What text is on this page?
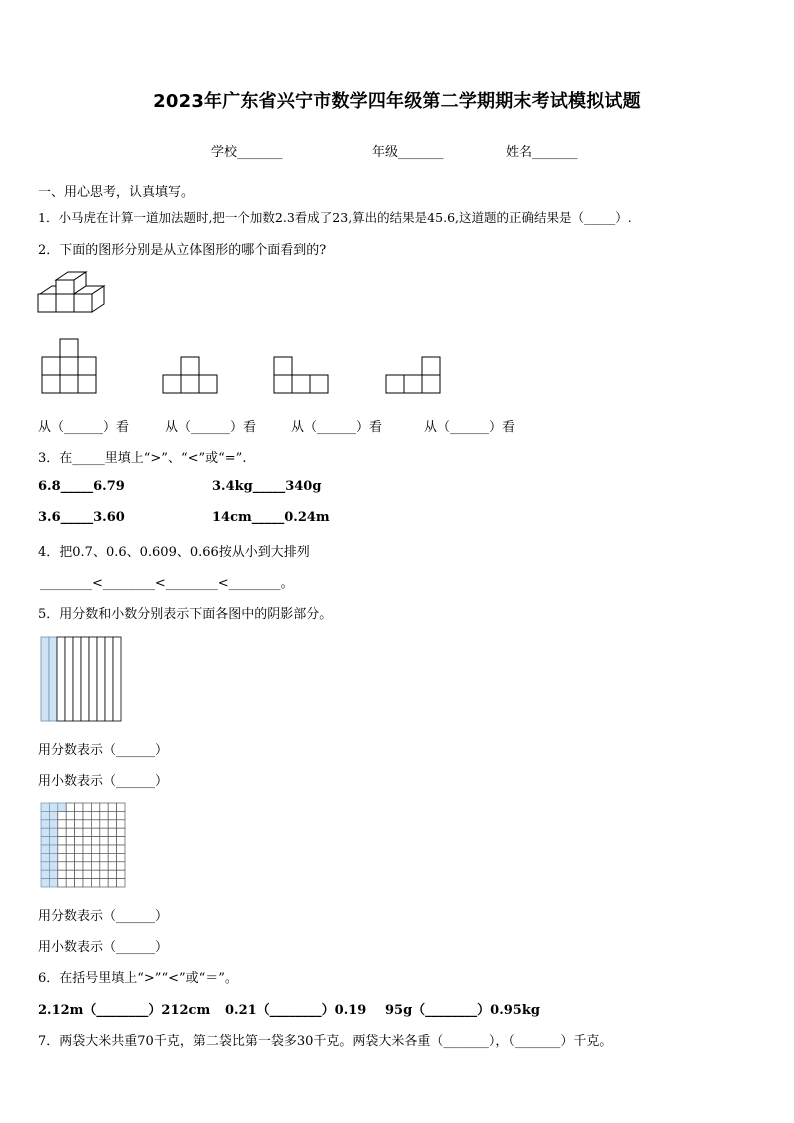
2023年广东省兴宁市数学四年级第二学期期末考试模拟试题
学校_______	年级_______	姓名_______
一、用心思考，认真填写。
1．小马虎在计算一道加法题时,把一个加数2.3看成了23,算出的结果是45.6,这道题的正确结果是（_____）.
2．下面的图形分别是从立体图形的哪个面看到的?
从（______）看	从（______）看	从（______）看	从（______）看
3．在_____里填上“>”、“<”或“=”.
6.8_____6.79	3.4kg_____340g
3.6_____3.60	14cm_____0.24m
4．把0.7、0.6、0.609、0.66按从小到大排列
________<________<________<________。
5．用分数和小数分别表示下面各图中的阴影部分。
用分数表示（______）
用小数表示（______）
用分数表示（______）
用小数表示（______）
6．在括号里填上“>”“<”或“＝”。
2.12m（________）212cm 0.21（________）0.19 95g（________）0.95kg
7．两袋大米共重70千克，第二袋比第一袋多30千克。两袋大米各重（_______），（_______）千克。
